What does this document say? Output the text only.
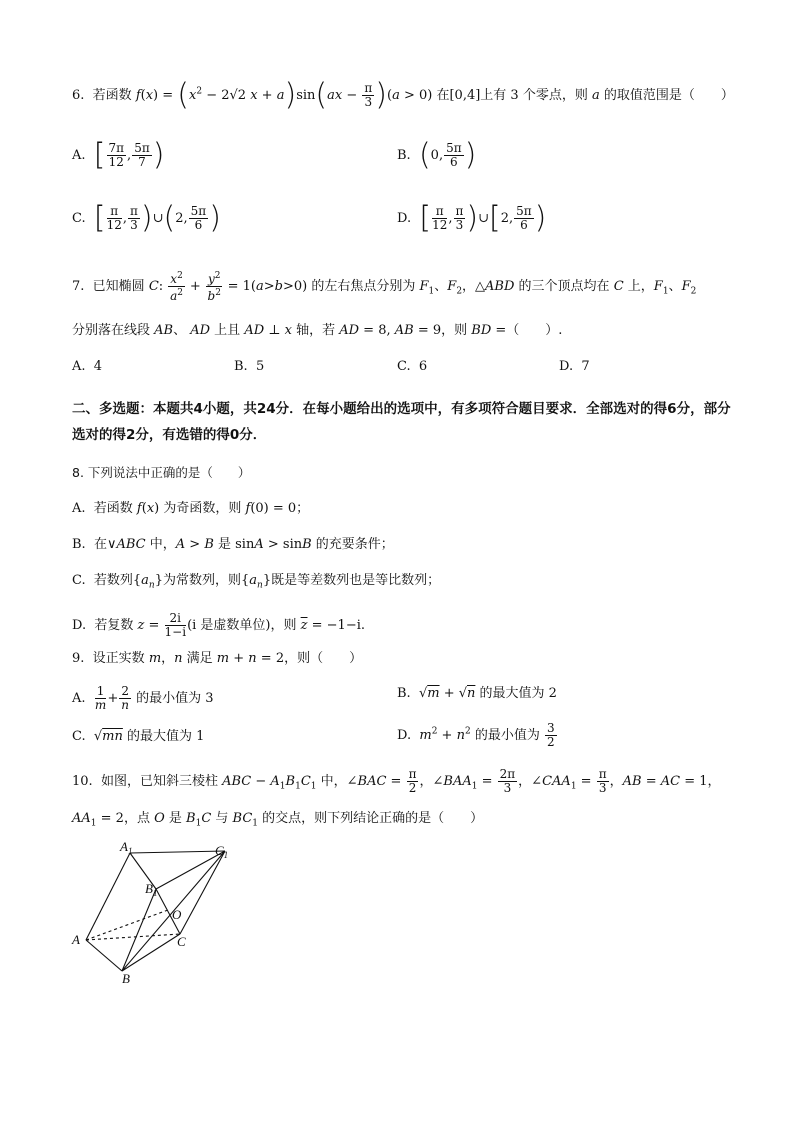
6.  若函数 $f(x) = (x^2 - 2√2$ $x + a)\sin(ax - \frac{\pi}{3} )(a > 0)$ 在[0,4]上有 3 个零点，则 a 的取值范围是（　　）
A. [ $\frac{7\pi}{12}$ , $\frac{5\pi}{7}$ )	B. (0, $\frac{5\pi}{6}$ )
C. [ $\frac{\pi}{12}$ , $\frac{\pi}{3}$ )∪(2, $\frac{5\pi}{6}$ )	D. [ $\frac{\pi}{12}$ , $\frac{\pi}{3}$ )∪[2, $\frac{5\pi}{6}$ )
7.  已知椭圆 C: $\frac{x^2}{a^2} + \frac{y^2}{b^2} = 1(a>b>0)$ 的左右焦点分别为 $F_1$、$F_2$，△ABD 的三个顶点均在 C 上，$F_1$、$F_2$
分别落在线段 AB、 AD 上且 AD ⊥ x 轴，若 AD = 8, AB = 9，则 BD =（　　）.
A. 4	B. 5	C. 6	D. 7
二、多选题：本题共4小题，共24分．在每小题给出的选项中，有多项符合题目要求．全部选对的得6分，部分选对的得2分，有选错的得0分．
8. 下列说法中正确的是（　　）
A.  若函数 f(x) 为奇函数，则 f(0) = 0；
B.  在∨ABC 中，A > B 是 sinA > sinB 的充要条件；
C.  若数列$\{a_n\}$为常数列，则$\{a_n\}$既是等差数列也是等比数列；
D.  若复数 $z = \frac{2i}{1-i} (i$ 是虚数单位)，则 $\overline{z} = -1-i$.
9.  设正实数 m，n 满足 m + n = 2，则（　　）
A. $\frac{1}{m} + \frac{2}{n}$ 的最小值为 3	B.  √m + √n 的最大值为 2
C.  √mn 的最大值为 1	D.  $m^2 + n^2$ 的最小值为 $\frac{3}{2}$
10.  如图，已知斜三棱柱 ABC − $A_1B_1C_1$ 中，∠BAC = $\frac{\pi}{2}$ ，$\angle BAA_1 = \frac{2\pi}{3}$ ，$\angle CAA_1 = \frac{\pi}{3}$ ，AB = AC = 1，
$AA_1 = 2$，点 O 是 $B_1C$ 与 $BC_1$ 的交点，则下列结论正确的是（　　）
$A_1$	$C_1$
$B_1$
O
A	C
B
